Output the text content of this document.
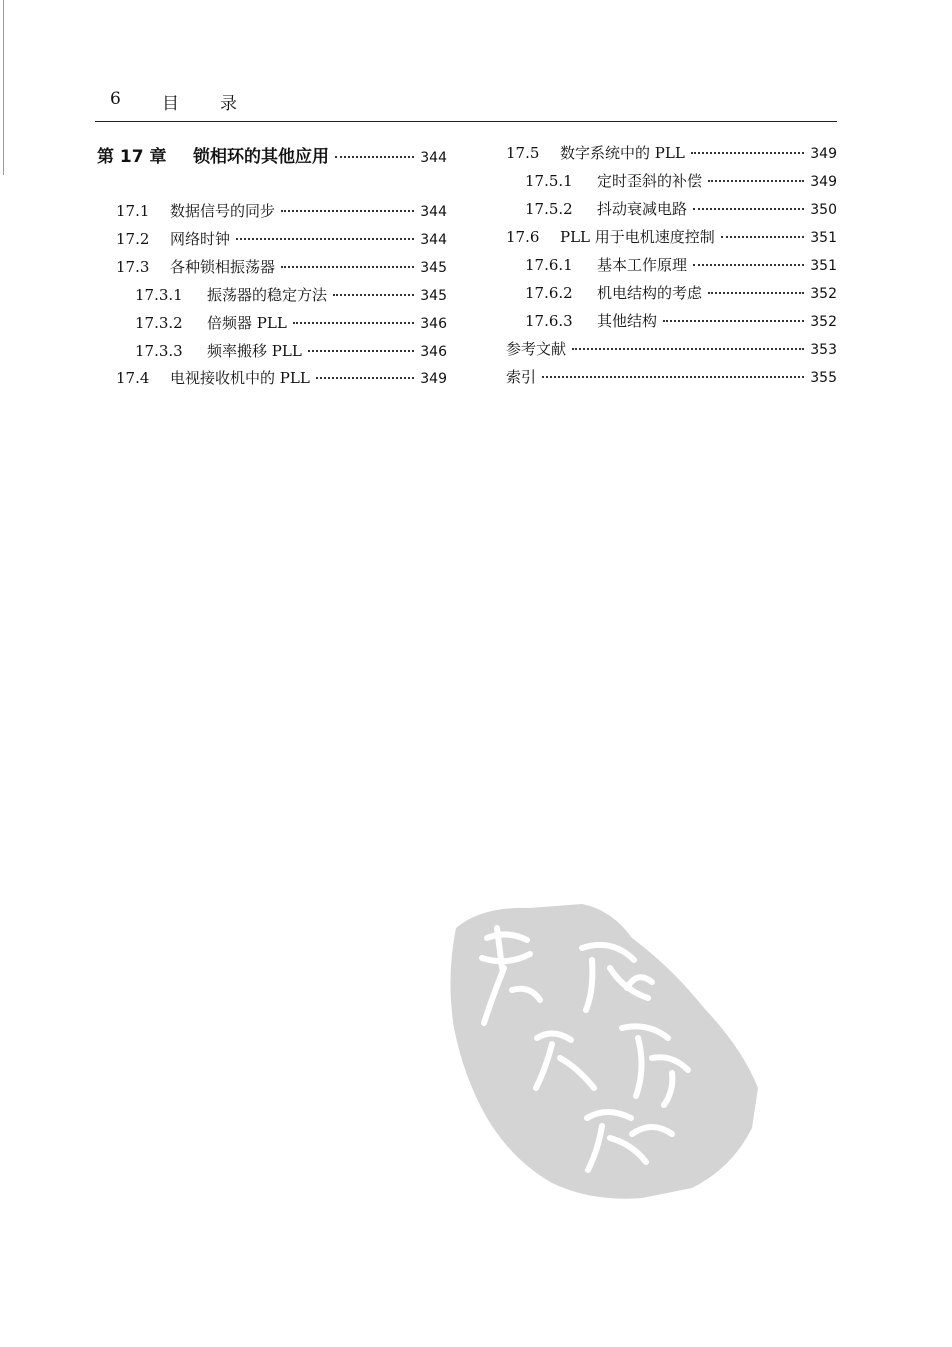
6 目 录
第 17 章	锁相环的其他应用	344
17.1	数据信号的同步	344
17.2	网络时钟	344
17.3	各种锁相振荡器	345
17.3.1	振荡器的稳定方法	345
17.3.2	倍频器 PLL	346
17.3.3	频率搬移 PLL	346
17.4	电视接收机中的 PLL	349
17.5	数字系统中的 PLL	349
17.5.1	定时歪斜的补偿	349
17.5.2	抖动衰减电路	350
17.6	PLL 用于电机速度控制	351
17.6.1	基本工作原理	351
17.6.2	机电结构的考虑	352
17.6.3	其他结构	352
参考文献	353
索引	355
